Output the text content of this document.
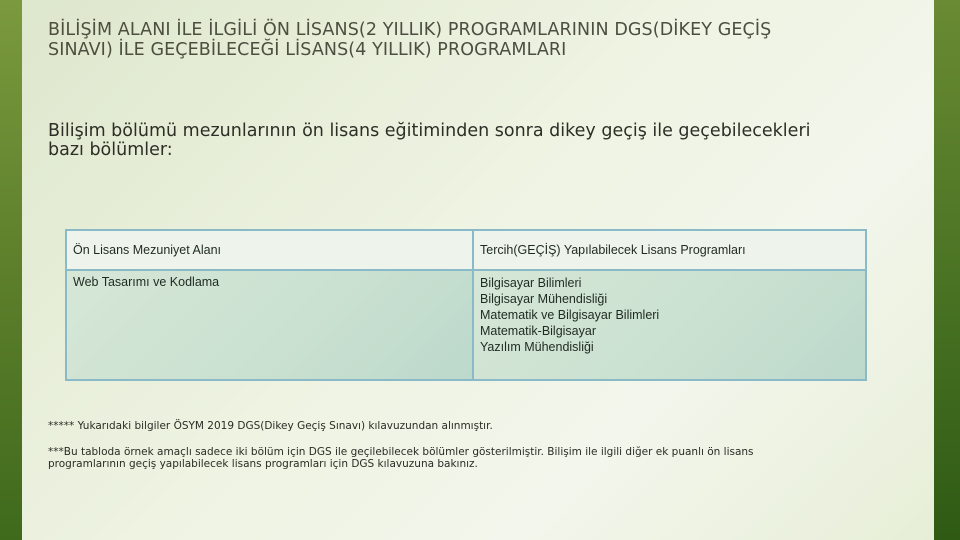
BİLİŞİM ALANI İLE İLGİLİ ÖN LİSANS(2 YILLIK) PROGRAMLARININ DGS(DİKEY GEÇİŞ
SINAVI) İLE GEÇEBİLECEĞİ LİSANS(4 YILLIK) PROGRAMLARI
Bilişim bölümü mezunlarının ön lisans eğitiminden sonra dikey geçiş ile geçebilecekleri
bazı bölümler:
Ön Lisans Mezuniyet Alanı	Tercih(GEÇİŞ) Yapılabilecek Lisans Programları
Web Tasarımı ve Kodlama	Bilgisayar Bilimleri
Bilgisayar Mühendisliği
Matematik ve Bilgisayar Bilimleri
Matematik-Bilgisayar
Yazılım Mühendisliği
***** Yukarıdaki bilgiler ÖSYM 2019 DGS(Dikey Geçiş Sınavı) kılavuzundan alınmıştır.
***Bu tabloda örnek amaçlı sadece iki bölüm için DGS ile geçilebilecek bölümler gösterilmiştir. Bilişim ile ilgili diğer ek puanlı ön lisans
programlarının geçiş yapılabilecek lisans programları için DGS kılavuzuna bakınız.
